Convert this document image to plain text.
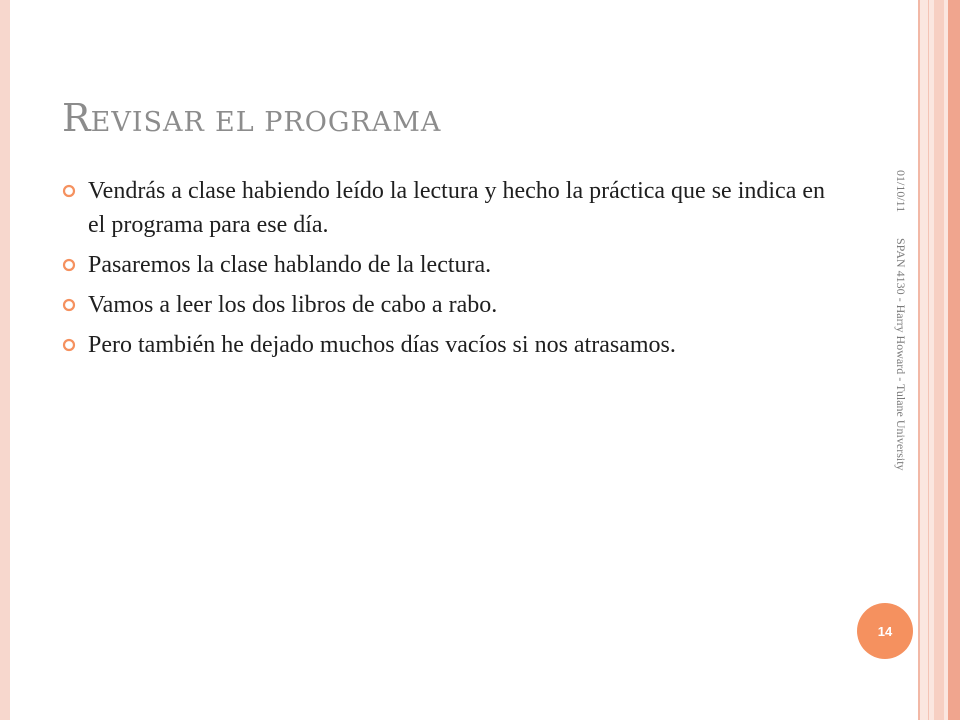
REVISAR EL PROGRAMA
Vendrás a clase habiendo leído la lectura y hecho la práctica que se indica en el programa para ese día.
Pasaremos la clase hablando de la lectura.
Vamos a leer los dos libros de cabo a rabo.
Pero también he dejado muchos días vacíos si nos atrasamos.
01/10/11
SPAN 4130 - Harry Howard - Tulane University
14
